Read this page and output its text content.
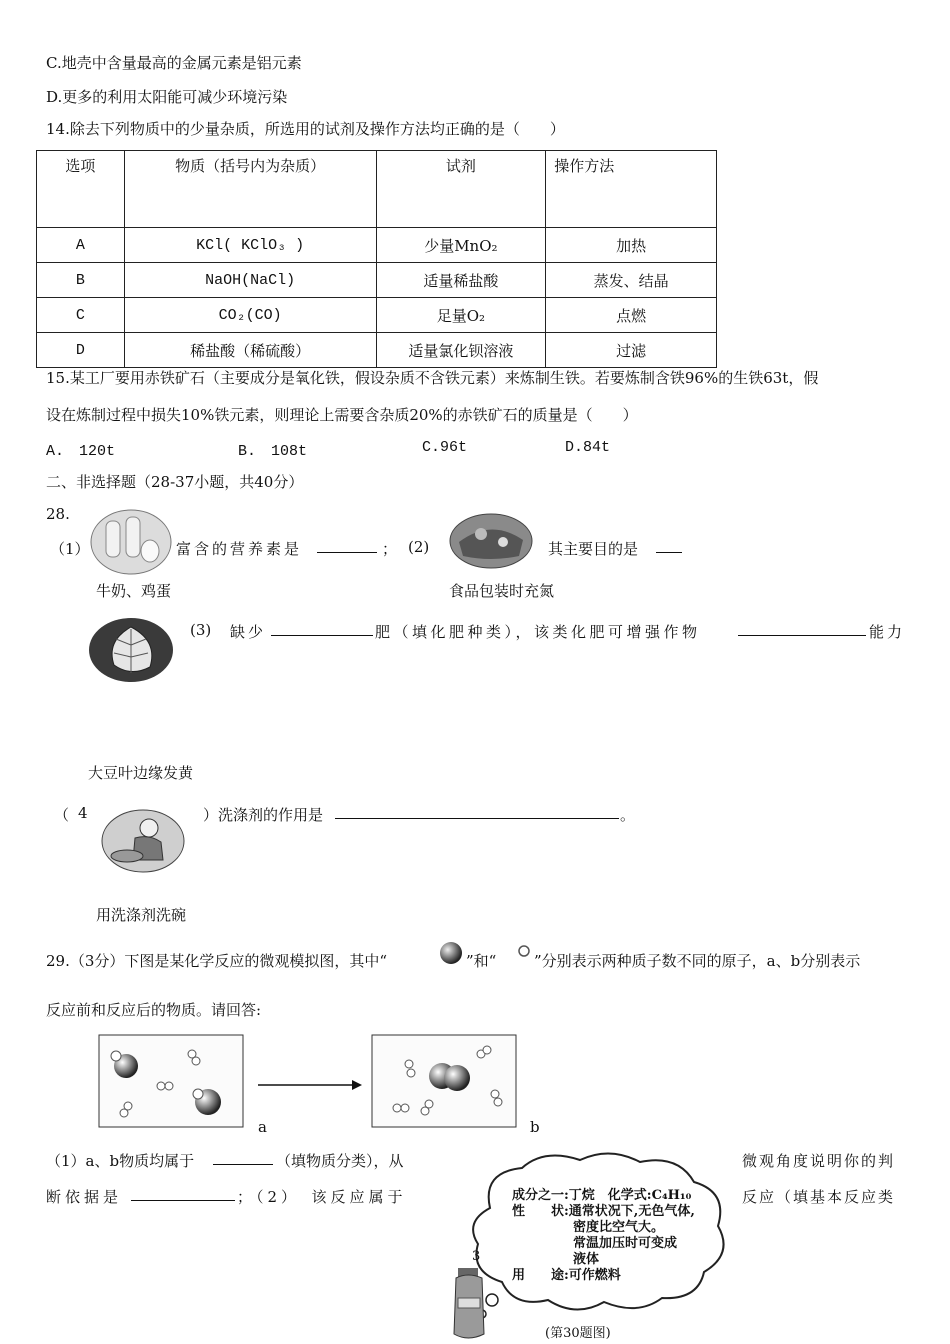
C.地壳中含量最高的金属元素是铝元素
D.更多的利用太阳能可减少环境污染
14.除去下列物质中的少量杂质，所选用的试剂及操作方法均正确的是（　　）
选项	物质（括号内为杂质）	试剂	操作方法
A	KCl( KClO₃ )	少量MnO₂	加热
B	NaOH(NaCl)	适量稀盐酸	蒸发、结晶
C	CO₂(CO)	足量O₂	点燃
D	稀盐酸（稀硫酸）	适量氯化钡溶液	过滤
15.某工厂要用赤铁矿石（主要成分是氧化铁，假设杂质不含铁元素）来炼制生铁。若要炼制含铁96%的生铁63t，假
设在炼制过程中损失10%铁元素，则理论上需要含杂质20%的赤铁矿石的质量是（　　）
A.　120t	B.　108t	C.96t	D.84t
二、非选择题（28-37小题，共40分）
28.
（1）	富含的营养素是	； (2)	其主要目的是
牛奶、鸡蛋	食品包装时充氮
(3) 缺少	肥（填化肥种类），该类化肥可增强作物	能力
大豆叶边缘发黄
（ 4	）洗涤剂的作用是	。
用洗涤剂洗碗
29.（3分）下图是某化学反应的微观模拟图，其中“	”和“	”分别表示两种质子数不同的原子，a、b分别表示
反应前和反应后的物质。请回答:
a	b
（1）a、b物质均属于	（填物质分类），从	微观角度说明你的判
断依据是	；（2）　该反应属于	反应（填基本反应类
成分之一:丁烷　化学式:C₄H₁₀
性　　状:通常状况下,无色气体,
密度比空气大。
常温加压时可变成
液体
用　　途:可作燃料
3
(第30题图)
